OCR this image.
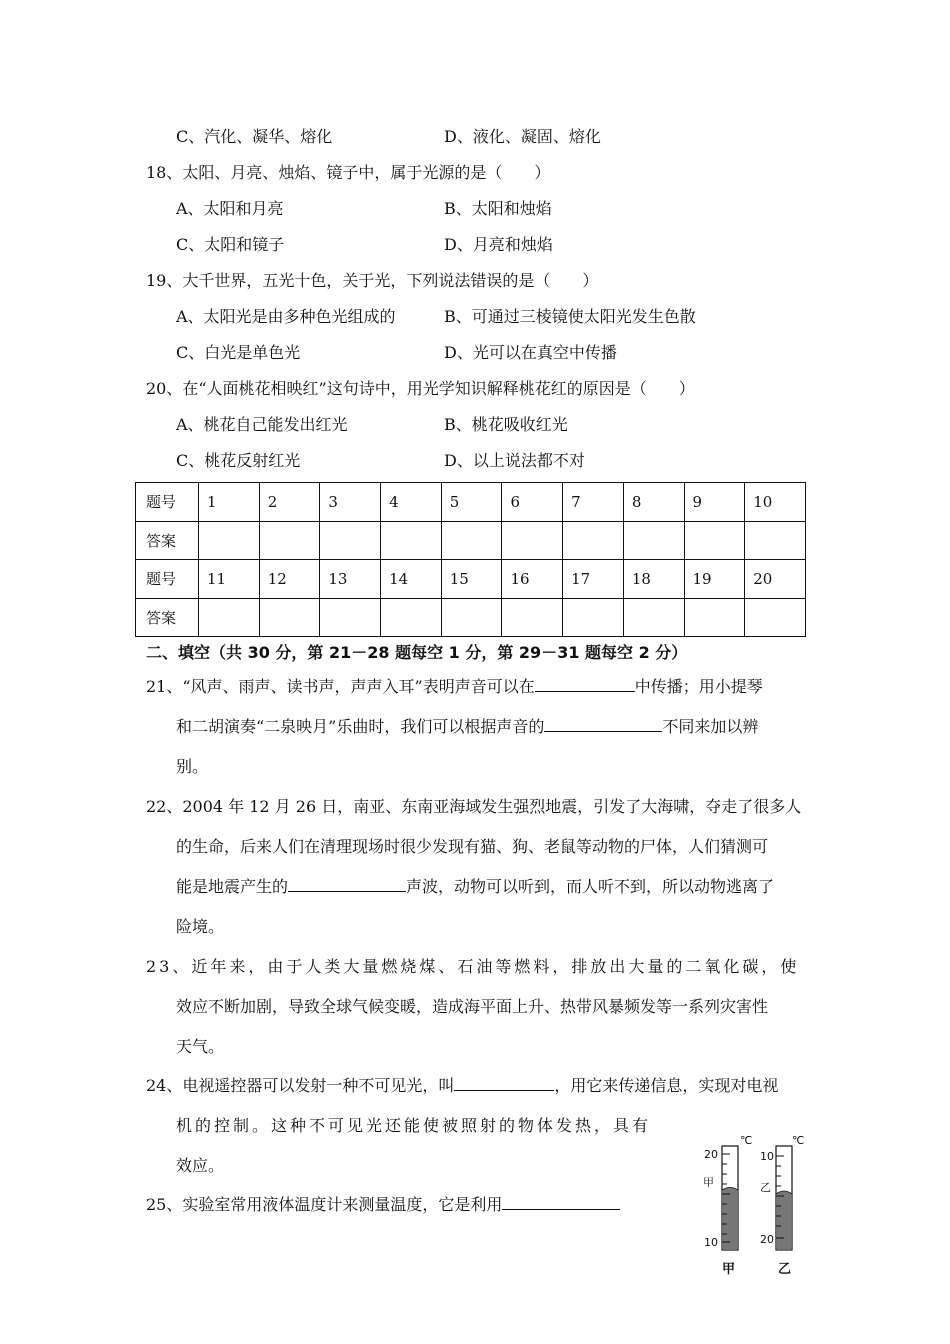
C、汽化、凝华、熔化	D、液化、凝固、熔化
18、太阳、月亮、烛焰、镜子中，属于光源的是（　　）
A、太阳和月亮	B、太阳和烛焰
C、太阳和镜子	D、月亮和烛焰
19、大千世界，五光十色，关于光，下列说法错误的是（　　）
A、太阳光是由多种色光组成的	B、可通过三棱镜使太阳光发生色散
C、白光是单色光	D、光可以在真空中传播
20、在“人面桃花相映红”这句诗中，用光学知识解释桃花红的原因是（　　）
A、桃花自己能发出红光	B、桃花吸收红光
C、桃花反射红光	D、以上说法都不对
题号	1	2	3	4	5	6	7	8	9	10
答案										
题号	11	12	13	14	15	16	17	18	19	20
答案										
二、填空（共 30 分，第 21－28 题每空 1 分，第 29－31 题每空 2 分）
21、“风声、雨声、读书声，声声入耳”表明声音可以在	中传播；用小提琴
和二胡演奏“二泉映月”乐曲时，我们可以根据声音的	不同来加以辨
别。
22、2004 年 12 月 26 日，南亚、东南亚海域发生强烈地震，引发了大海啸，夺走了很多人
的生命，后来人们在清理现场时很少发现有猫、狗、老鼠等动物的尸体，人们猜测可
能是地震产生的	声波，动物可以听到，而人听不到，所以动物逃离了
险境。
23、近年来，由于人类大量燃烧煤、石油等燃料，排放出大量的二氧化碳，使
效应不断加剧，导致全球气候变暖，造成海平面上升、热带风暴频发等一系列灾害性
天气。
24、电视遥控器可以发射一种不可见光，叫	，用它来传递信息，实现对电视
机的控制。这种不可见光还能使被照射的物体发热，具有
效应。
25、实验室常用液体温度计来测量温度，它是利用
℃
20
甲
10
甲
℃
10
乙
20
乙
